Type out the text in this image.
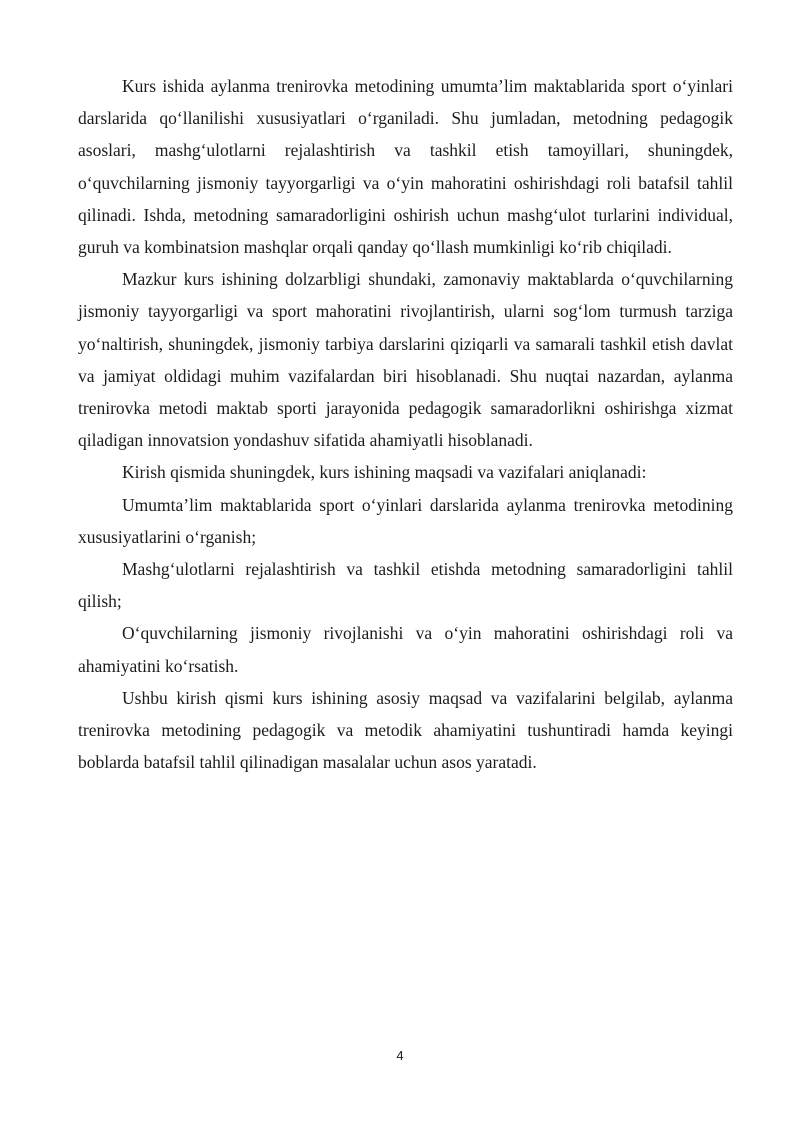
Kurs ishida aylanma trenirovka metodining umumta’lim maktablarida sport o‘yinlari darslarida qo‘llanilishi xususiyatlari o‘rganiladi. Shu jumladan, metodning pedagogik asoslari, mashg‘ulotlarni rejalashtirish va tashkil etish tamoyillari, shuningdek, o‘quvchilarning jismoniy tayyorgarligi va o‘yin mahoratini oshirishdagi roli batafsil tahlil qilinadi. Ishda, metodning samaradorligini oshirish uchun mashg‘ulot turlarini individual, guruh va kombinatsion mashqlar orqali qanday qo‘llash mumkinligi ko‘rib chiqiladi.

Mazkur kurs ishining dolzarbligi shundaki, zamonaviy maktablarda o‘quvchilarning jismoniy tayyorgarligi va sport mahoratini rivojlantirish, ularni sog‘lom turmush tarziga yo‘naltirish, shuningdek, jismoniy tarbiya darslarini qiziqarli va samarali tashkil etish davlat va jamiyat oldidagi muhim vazifalardan biri hisoblanadi. Shu nuqtai nazardan, aylanma trenirovka metodi maktab sporti jarayonida pedagogik samaradorlikni oshirishga xizmat qiladigan innovatsion yondashuv sifatida ahamiyatli hisoblanadi.

Kirish qismida shuningdek, kurs ishining maqsadi va vazifalari aniqlanadi:

Umumta’lim maktablarida sport o‘yinlari darslarida aylanma trenirovka metodining xususiyatlarini o‘rganish;

Mashg‘ulotlarni rejalashtirish va tashkil etishda metodning samaradorligini tahlil qilish;

O‘quvchilarning jismoniy rivojlanishi va o‘yin mahoratini oshirishdagi roli va ahamiyatini ko‘rsatish.

Ushbu kirish qismi kurs ishining asosiy maqsad va vazifalarini belgilab, aylanma trenirovka metodining pedagogik va metodik ahamiyatini tushuntiradi hamda keyingi boblarda batafsil tahlil qilinadigan masalalar uchun asos yaratadi.

4
